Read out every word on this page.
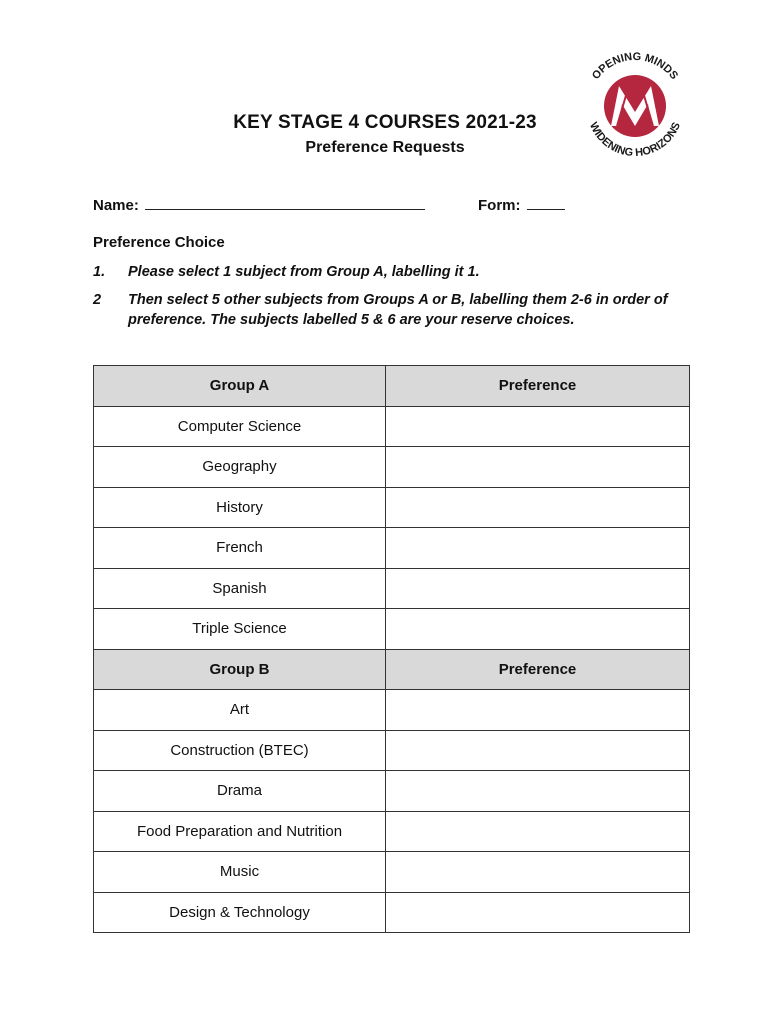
OPENING MINDS
WIDENING HORIZONS
KEY STAGE 4 COURSES 2021-23
Preference Requests
Name:	Form:
Preference Choice
1. Please select 1 subject from Group A, labelling it 1.
2 Then select 5 other subjects from Groups A or B, labelling them 2-6 in order of preference. The subjects labelled 5 & 6 are your reserve choices.
Group A	Preference
Computer Science	
Geography	
History	
French	
Spanish	
Triple Science	
Group B	Preference
Art	
Construction (BTEC)	
Drama	
Food Preparation and Nutrition	
Music	
Design & Technology	
